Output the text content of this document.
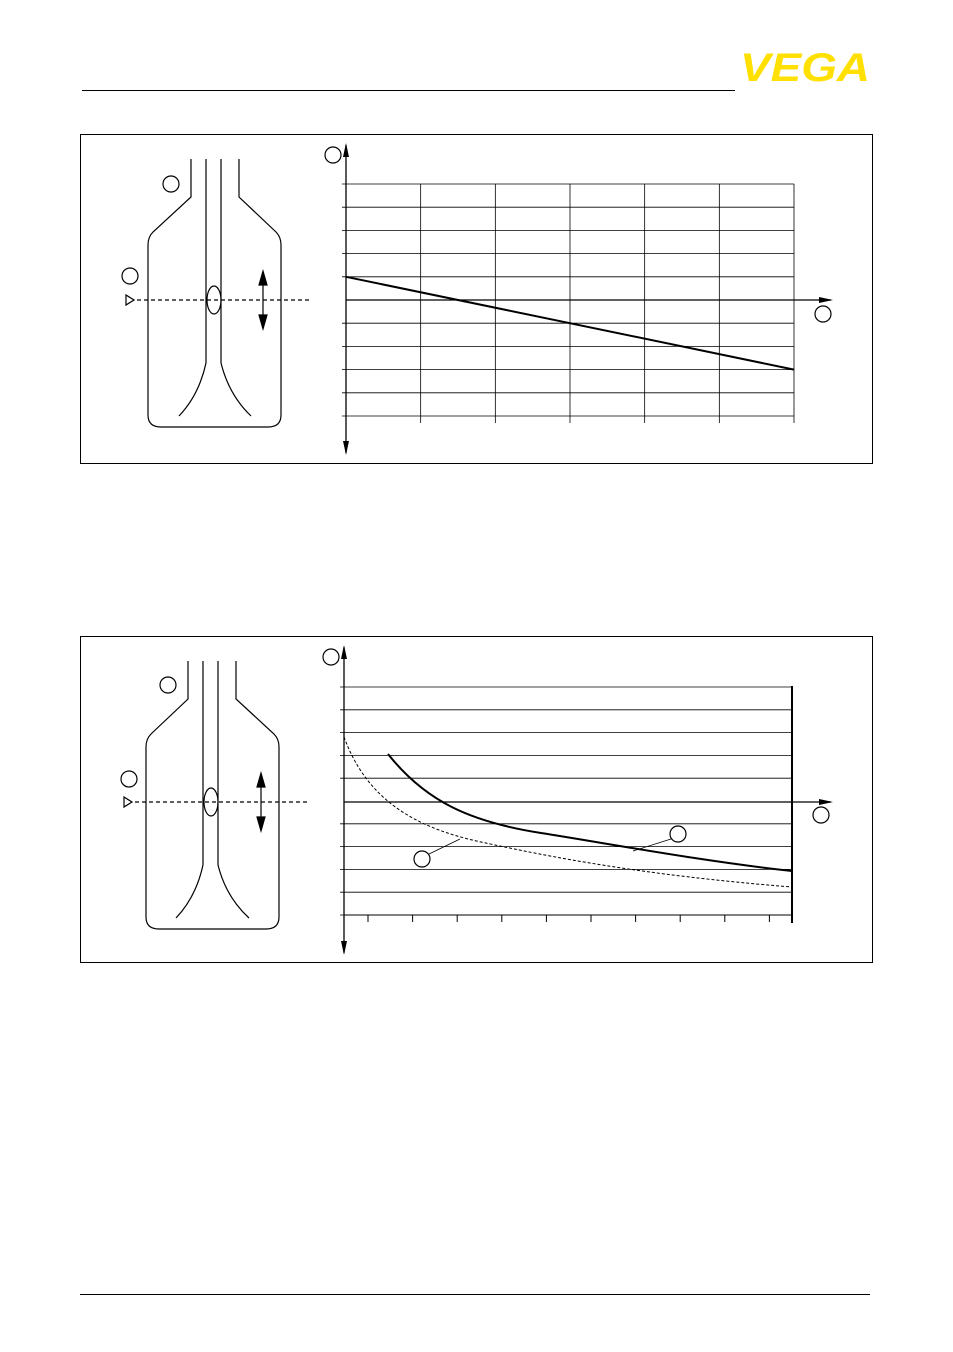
VEGA
